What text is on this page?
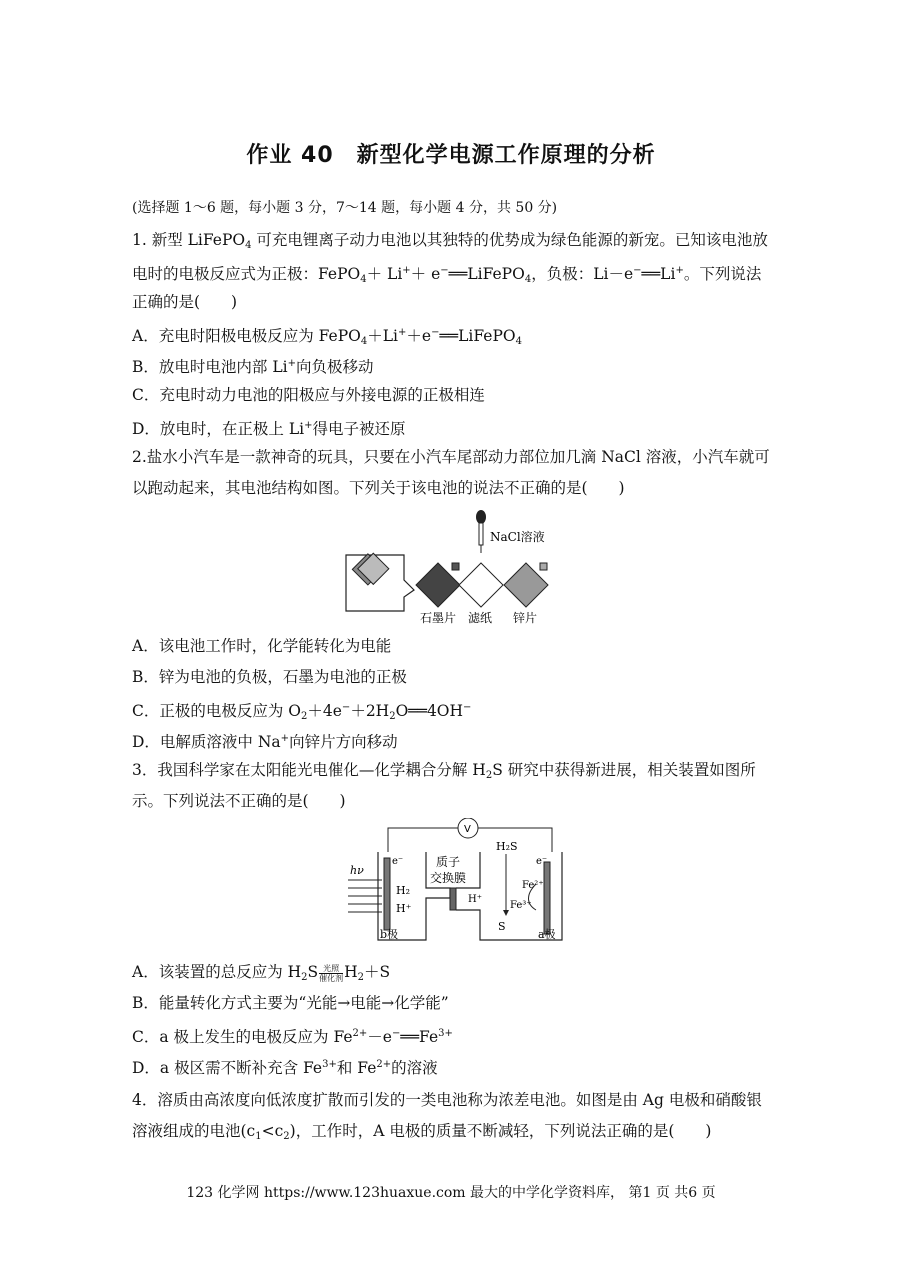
作业 40　新型化学电源工作原理的分析
(选择题 1～6 题，每小题 3 分，7～14 题，每小题 4 分，共 50 分)
1. 新型 LiFePO$_4$ 可充电锂离子动力电池以其独特的优势成为绿色能源的新宠。已知该电池放
电时的电极反应式为正极：FePO$_4$＋ Li+＋ e−══LiFePO$_4$，负极：Li－e−══Li+。下列说法
正确的是(　　)
A．充电时阳极电极反应为 FePO$_4$＋Li+＋e−══LiFePO$_4$
B．放电时电池内部 Li+向负极移动
C．充电时动力电池的阳极应与外接电源的正极相连
D．放电时，在正极上 Li+得电子被还原
2.盐水小汽车是一款神奇的玩具，只要在小汽车尾部动力部位加几滴 NaCl 溶液，小汽车就可
以跑动起来，其电池结构如图。下列关于该电池的说法不正确的是(　　)
NaCl溶液
石墨片 滤纸 锌片
A．该电池工作时，化学能转化为电能
B．锌为电池的负极，石墨为电池的正极
C．正极的电极反应为 $O_2+4e^-+2H_2O══4OH^-$
D．电解质溶液中 Na+向锌片方向移动
3．我国科学家在太阳能光电催化—化学耦合分解 $H_2S$ 研究中获得新进展，相关装置如图所
示。下列说法不正确的是(　　)
V
hν
e⁻	e⁻
H₂
H⁺
质子
交换膜
H₂S
H⁺
S
Fe²⁺
Fe³⁺
b极	a极
A．该装置的总反应为 $H_2S \frac{\text{光照}}{\text{催化剂}} H_2+S$
B．能量转化方式主要为“光能→电能→化学能”
C．a 极上发生的电极反应为 $Fe^{2+}-e^-══Fe^{3+}$
D．a 极区需不断补充含 $Fe^{3+}$和 $Fe^{2+}$的溶液
4．溶质由高浓度向低浓度扩散而引发的一类电池称为浓差电池。如图是由 Ag 电极和硝酸银
溶液组成的电池$(c_1<c_2)$，工作时，A 电极的质量不断减轻，下列说法正确的是(　　)
123 化学网 https://www.123huaxue.com 最大的中学化学资料库， 第1 页 共6 页
